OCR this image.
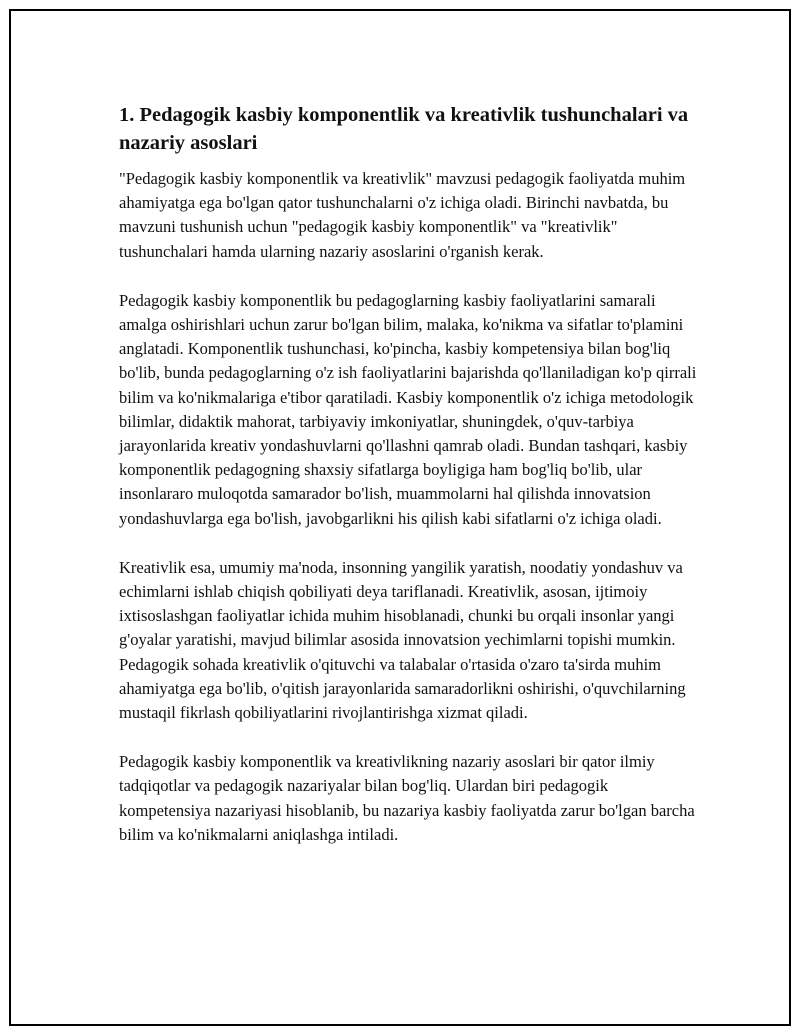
1. Pedagogik kasbiy komponentlik va kreativlik tushunchalari va nazariy asoslari

"Pedagogik kasbiy komponentlik va kreativlik" mavzusi pedagogik faoliyatda muhim ahamiyatga ega bo'lgan qator tushunchalarni o'z ichiga oladi. Birinchi navbatda, bu mavzuni tushunish uchun "pedagogik kasbiy komponentlik" va "kreativlik" tushunchalari hamda ularning nazariy asoslarini o'rganish kerak.

Pedagogik kasbiy komponentlik bu pedagoglarning kasbiy faoliyatlarini samarali amalga oshirishlari uchun zarur bo'lgan bilim, malaka, ko'nikma va sifatlar to'plamini anglatadi. Komponentlik tushunchasi, ko'pincha, kasbiy kompetensiya bilan bog'liq bo'lib, bunda pedagoglarning o'z ish faoliyatlarini bajarishda qo'llaniladigan ko'p qirrali bilim va ko'nikmalariga e'tibor qaratiladi. Kasbiy komponentlik o'z ichiga metodologik bilimlar, didaktik mahorat, tarbiyaviy imkoniyatlar, shuningdek, o'quv-tarbiya jarayonlarida kreativ yondashuvlarni qo'llashni qamrab oladi. Bundan tashqari, kasbiy komponentlik pedagogning shaxsiy sifatlarga boyligiga ham bog'liq bo'lib, ular insonlararo muloqotda samarador bo'lish, muammolarni hal qilishda innovatsion yondashuvlarga ega bo'lish, javobgarlikni his qilish kabi sifatlarni o'z ichiga oladi.

Kreativlik esa, umumiy ma'noda, insonning yangilik yaratish, noodatiy yondashuv va echimlarni ishlab chiqish qobiliyati deya tariflanadi. Kreativlik, asosan, ijtimoiy ixtisoslashgan faoliyatlar ichida muhim hisoblanadi, chunki bu orqali insonlar yangi g'oyalar yaratishi, mavjud bilimlar asosida innovatsion yechimlarni topishi mumkin. Pedagogik sohada kreativlik o'qituvchi va talabalar o'rtasida o'zaro ta'sirda muhim ahamiyatga ega bo'lib, o'qitish jarayonlarida samaradorlikni oshirishi, o'quvchilarning mustaqil fikrlash qobiliyatlarini rivojlantirishga xizmat qiladi.

Pedagogik kasbiy komponentlik va kreativlikning nazariy asoslari bir qator ilmiy tadqiqotlar va pedagogik nazariyalar bilan bog'liq. Ulardan biri pedagogik kompetensiya nazariyasi hisoblanib, bu nazariya kasbiy faoliyatda zarur bo'lgan barcha bilim va ko'nikmalarni aniqlashga intiladi.
